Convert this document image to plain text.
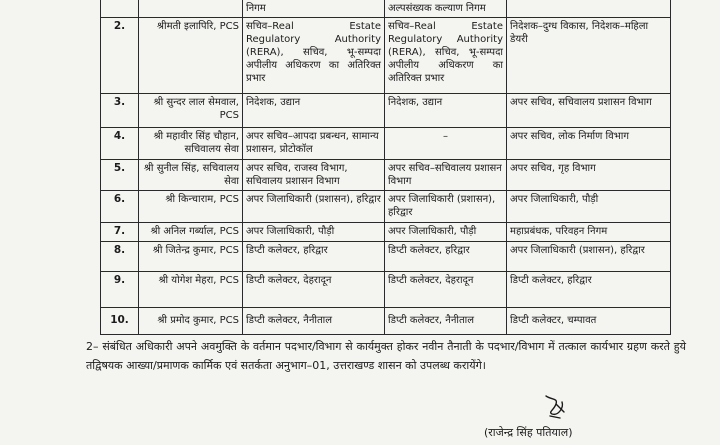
		निगम	अल्पसंख्यक कल्याण निगम	
2.	श्रीमती इलापिरि, PCS	सचिव–Real Estate Regulatory Authority (RERA), सचिव, भू-सम्पदा अपीलीय अधिकरण का अतिरिक्त प्रभार	सचिव–Real Estate Regulatory Authority (RERA), सचिव, भू-सम्पदा अपीलीय अधिकरण का अतिरिक्त प्रभार	निदेशक–दुग्ध विकास, निदेशक–महिला डेयरी
3.	श्री सुन्दर लाल सेमवाल, PCS	निदेशक, उद्यान	निदेशक, उद्यान	अपर सचिव, सचिवालय प्रशासन विभाग
4.	श्री महावीर सिंह चौहान, सचिवालय सेवा	अपर सचिव–आपदा प्रबन्धन, सामान्य प्रशासन, प्रोटोकॉल	–	अपर सचिव, लोक निर्माण विभाग
5.	श्री सुनील सिंह, सचिवालय सेवा	अपर सचिव, राजस्व विभाग, सचिवालय प्रशासन विभाग	अपर सचिव–सचिवालय प्रशासन विभाग	अपर सचिव, गृह विभाग
6.	श्री किन्चाराम, PCS	अपर जिलाधिकारी (प्रशासन), हरिद्वार	अपर जिलाधिकारी (प्रशासन), हरिद्वार	अपर जिलाधिकारी, पौड़ी
7.	श्री अनिल गर्ब्याल, PCS	अपर जिलाधिकारी, पौड़ी	अपर जिलाधिकारी, पौड़ी	महाप्रबंधक, परिवहन निगम
8.	श्री जितेन्द्र कुमार, PCS	डिप्टी कलेक्टर, हरिद्वार	डिप्टी कलेक्टर, हरिद्वार	अपर जिलाधिकारी (प्रशासन), हरिद्वार
9.	श्री योगेश मेहरा, PCS	डिप्टी कलेक्टर, देहरादून	डिप्टी कलेक्टर, देहरादून	डिप्टी कलेक्टर, हरिद्वार
10.	श्री प्रमोद कुमार, PCS	डिप्टी कलेक्टर, नैनीताल	डिप्टी कलेक्टर, नैनीताल	डिप्टी कलेक्टर, चम्पावत

2– संबंधित अधिकारी अपने अवमुक्ति के वर्तमान पदभार/विभाग से कार्यमुक्त होकर नवीन तैनाती के पदभार/विभाग में तत्काल कार्यभार ग्रहण करते हुये तद्विषयक आख्या/प्रमाणक कार्मिक एवं सतर्कता अनुभाग–01, उत्तराखण्ड शासन को उपलब्ध करायेंगे।

(राजेन्द्र सिंह पतियाल)
